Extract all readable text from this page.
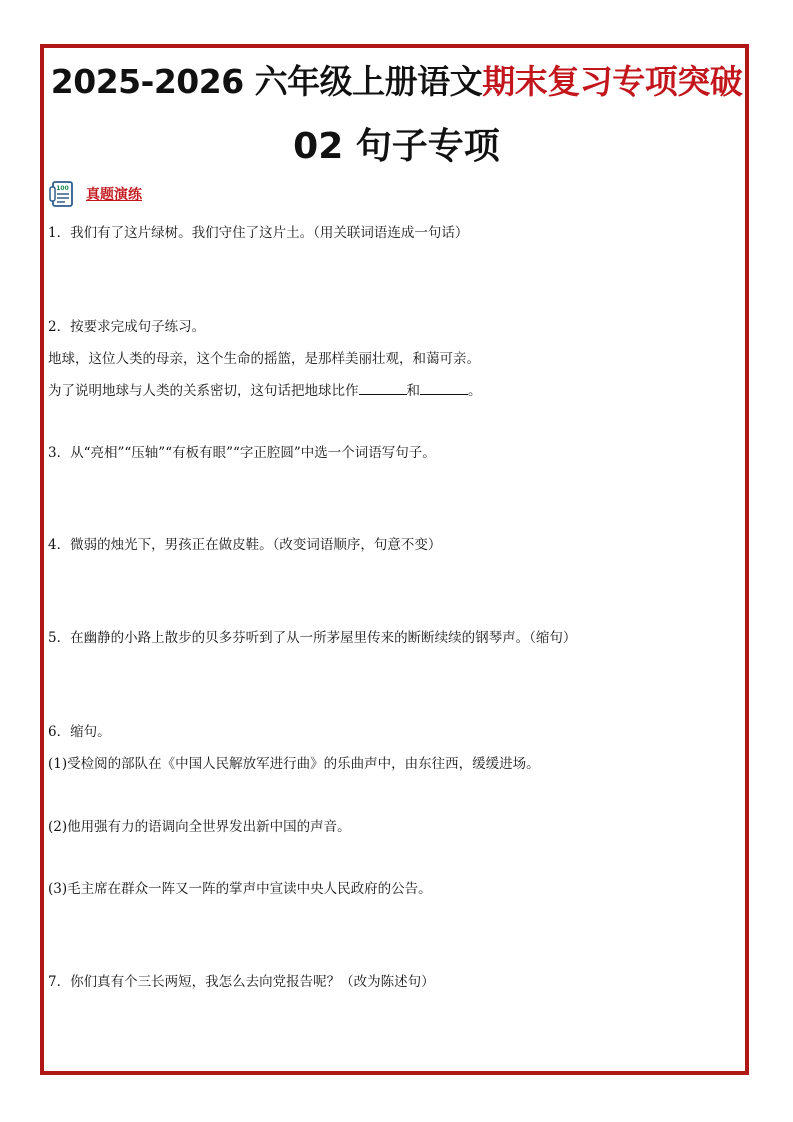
2025-2026 六年级上册语文期末复习专项突破
02 句子专项
100 真题演练
1．我们有了这片绿树。我们守住了这片土。（用关联词语连成一句话）
2．按要求完成句子练习。
地球，这位人类的母亲，这个生命的摇篮，是那样美丽壮观，和蔼可亲。
为了说明地球与人类的关系密切，这句话把地球比作	和	。
3．从“亮相”“压轴”“有板有眼”“字正腔圆”中选一个词语写句子。
4．微弱的烛光下，男孩正在做皮鞋。（改变词语顺序，句意不变）
5．在幽静的小路上散步的贝多芬听到了从一所茅屋里传来的断断续续的钢琴声。（缩句）
6．缩句。
(1)受检阅的部队在《中国人民解放军进行曲》的乐曲声中，由东往西，缓缓进场。
(2)他用强有力的语调向全世界发出新中国的声音。
(3)毛主席在群众一阵又一阵的掌声中宣读中央人民政府的公告。
7．你们真有个三长两短，我怎么去向党报告呢？（改为陈述句）
